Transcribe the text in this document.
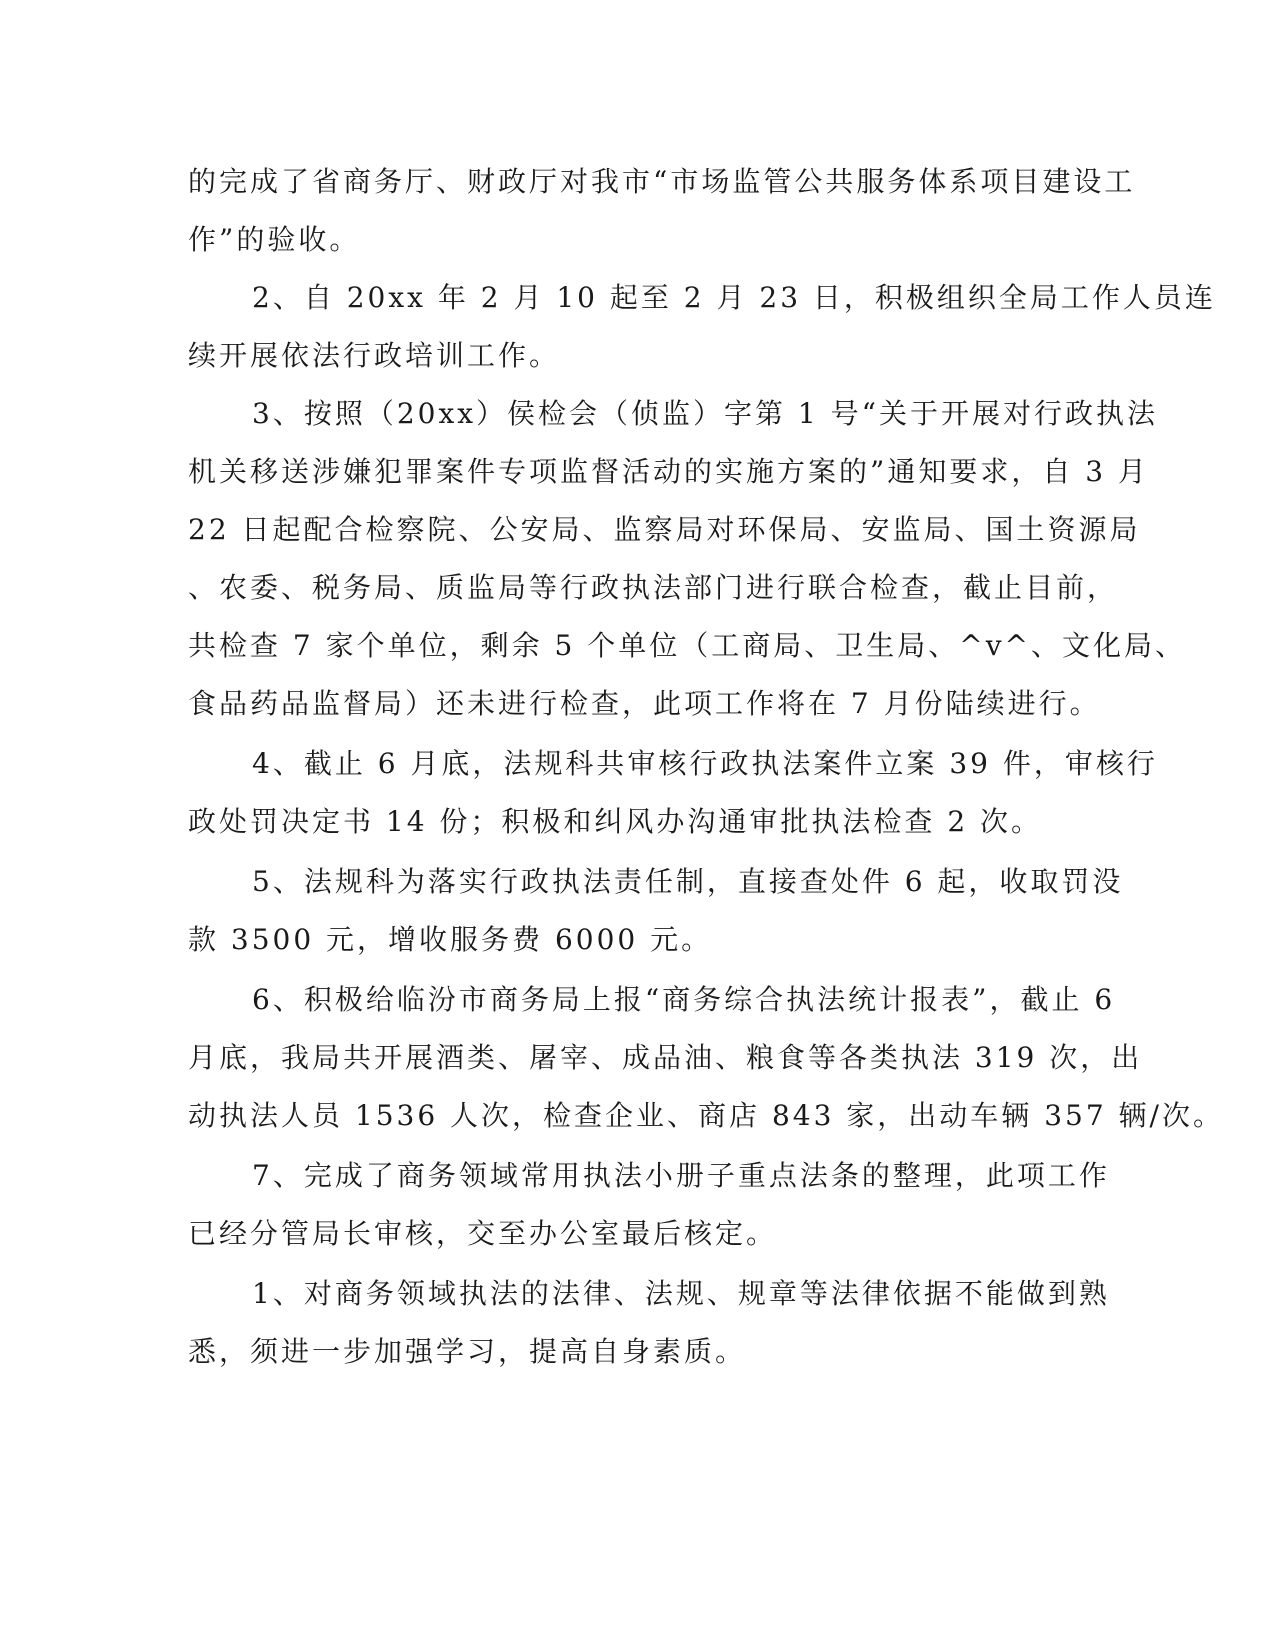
的完成了省商务厅、财政厅对我市“市场监管公共服务体系项目建设工
作”的验收。
2、自 20xx 年 2 月 10 起至 2 月 23 日，积极组织全局工作人员连
续开展依法行政培训工作。
3、按照（20xx）侯检会（侦监）字第 1 号“关于开展对行政执法
机关移送涉嫌犯罪案件专项监督活动的实施方案的”通知要求，自 3 月
22 日起配合检察院、公安局、监察局对环保局、安监局、国土资源局
、农委、税务局、质监局等行政执法部门进行联合检查，截止目前，
共检查 7 家个单位，剩余 5 个单位（工商局、卫生局、^v^、文化局、
食品药品监督局）还未进行检查，此项工作将在 7 月份陆续进行。
4、截止 6 月底，法规科共审核行政执法案件立案 39 件，审核行
政处罚决定书 14 份；积极和纠风办沟通审批执法检查 2 次。
5、法规科为落实行政执法责任制，直接查处件 6 起，收取罚没
款 3500 元，增收服务费 6000 元。
6、积极给临汾市商务局上报“商务综合执法统计报表”，截止 6
月底，我局共开展酒类、屠宰、成品油、粮食等各类执法 319 次，出
动执法人员 1536 人次，检查企业、商店 843 家，出动车辆 357 辆/次。
7、完成了商务领域常用执法小册子重点法条的整理，此项工作
已经分管局长审核，交至办公室最后核定。
1、对商务领域执法的法律、法规、规章等法律依据不能做到熟
悉，须进一步加强学习，提高自身素质。
